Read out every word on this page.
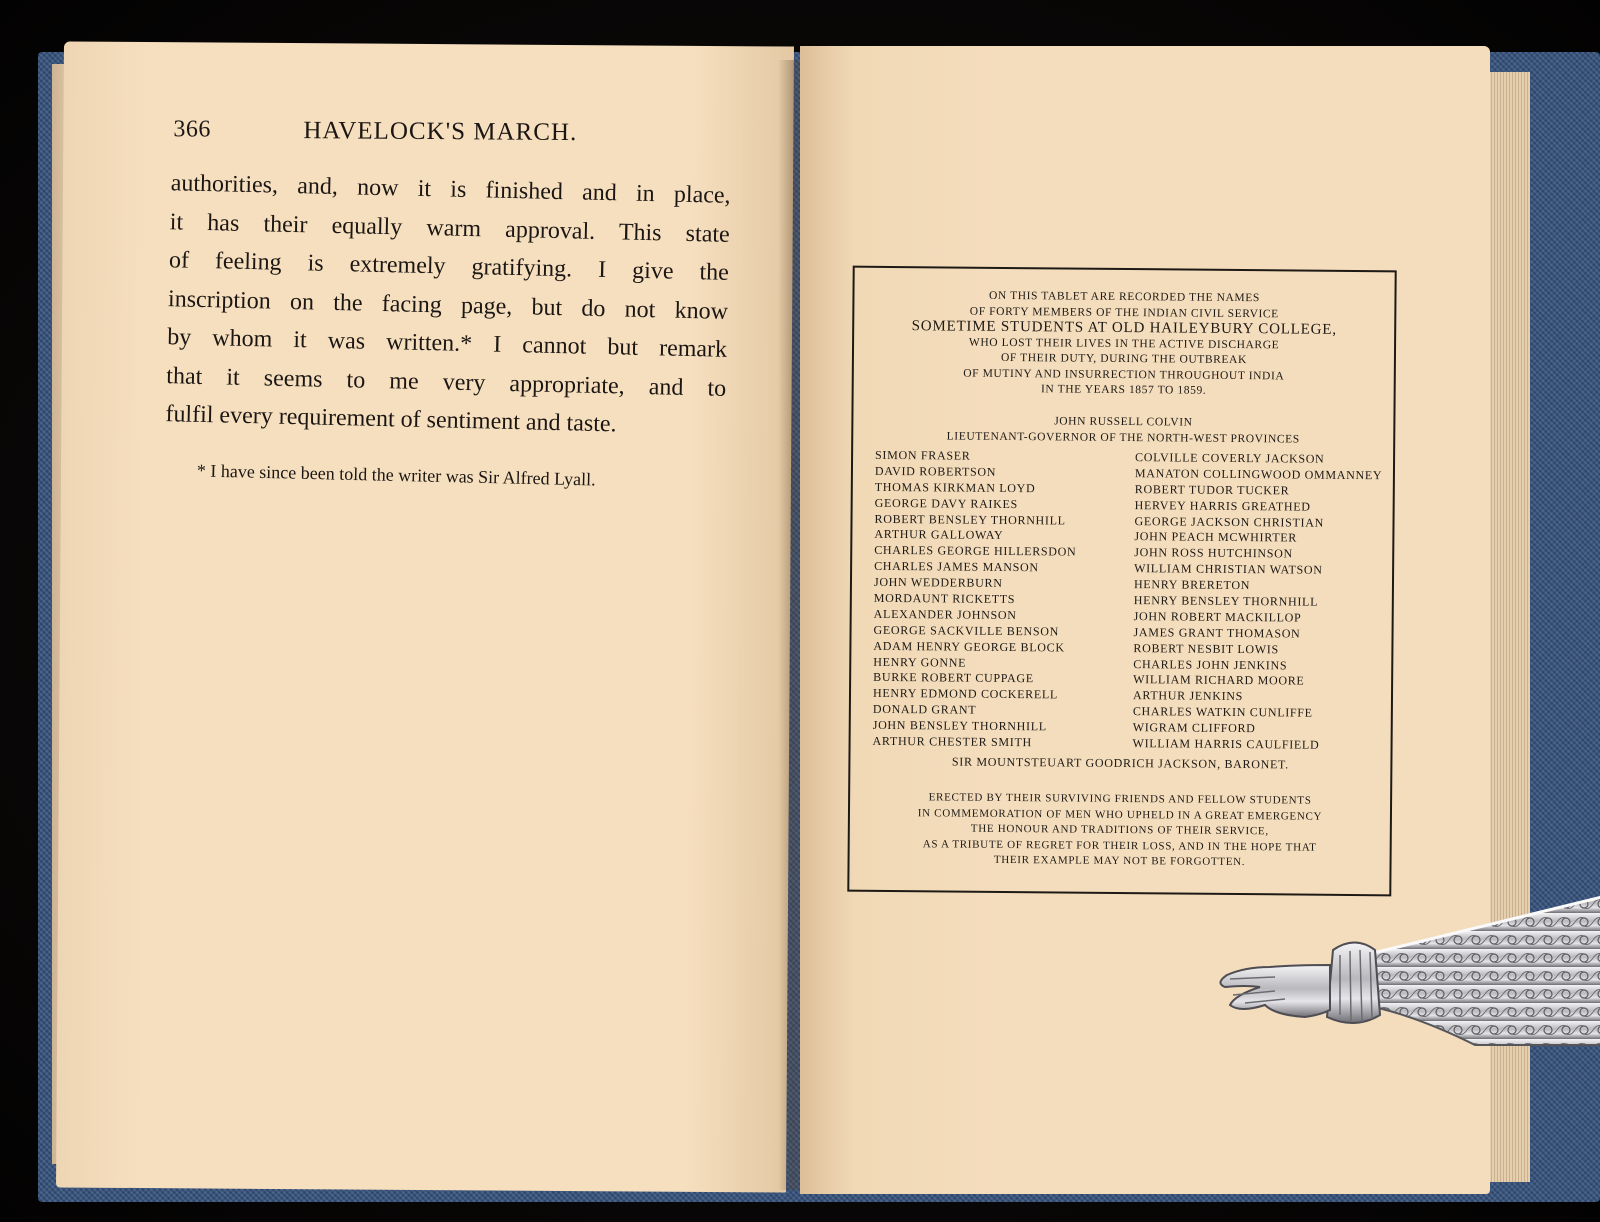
366	HAVELOCK'S MARCH.
authorities, and, now it is finished and in place,
it has their equally warm approval. This state
of feeling is extremely gratifying. I give the
inscription on the facing page, but do not know
by whom it was written.* I cannot but remark
that it seems to me very appropriate, and to
fulfil every requirement of sentiment and taste.
* I have since been told the writer was Sir Alfred Lyall.
ON THIS TABLET ARE RECORDED THE NAMES
OF FORTY MEMBERS OF THE INDIAN CIVIL SERVICE
SOMETIME STUDENTS AT OLD HAILEYBURY COLLEGE,
WHO LOST THEIR LIVES IN THE ACTIVE DISCHARGE
OF THEIR DUTY, DURING THE OUTBREAK
OF MUTINY AND INSURRECTION THROUGHOUT INDIA
IN THE YEARS 1857 TO 1859.
JOHN RUSSELL COLVIN
LIEUTENANT-GOVERNOR OF THE NORTH-WEST PROVINCES
SIMON FRASER
DAVID ROBERTSON
THOMAS KIRKMAN LOYD
GEORGE DAVY RAIKES
ROBERT BENSLEY THORNHILL
ARTHUR GALLOWAY
CHARLES GEORGE HILLERSDON
CHARLES JAMES MANSON
JOHN WEDDERBURN
MORDAUNT RICKETTS
ALEXANDER JOHNSON
GEORGE SACKVILLE BENSON
ADAM HENRY GEORGE BLOCK
HENRY GONNE
BURKE ROBERT CUPPAGE
HENRY EDMOND COCKERELL
DONALD GRANT
JOHN BENSLEY THORNHILL
ARTHUR CHESTER SMITH
COLVILLE COVERLY JACKSON
MANATON COLLINGWOOD OMMANNEY
ROBERT TUDOR TUCKER
HERVEY HARRIS GREATHED
GEORGE JACKSON CHRISTIAN
JOHN PEACH MCWHIRTER
JOHN ROSS HUTCHINSON
WILLIAM CHRISTIAN WATSON
HENRY BRERETON
HENRY BENSLEY THORNHILL
JOHN ROBERT MACKILLOP
JAMES GRANT THOMASON
ROBERT NESBIT LOWIS
CHARLES JOHN JENKINS
WILLIAM RICHARD MOORE
ARTHUR JENKINS
CHARLES WATKIN CUNLIFFE
WIGRAM CLIFFORD
WILLIAM HARRIS CAULFIELD
SIR MOUNTSTEUART GOODRICH JACKSON, BARONET.
ERECTED BY THEIR SURVIVING FRIENDS AND FELLOW STUDENTS
IN COMMEMORATION OF MEN WHO UPHELD IN A GREAT EMERGENCY
THE HONOUR AND TRADITIONS OF THEIR SERVICE,
AS A TRIBUTE OF REGRET FOR THEIR LOSS, AND IN THE HOPE THAT
THEIR EXAMPLE MAY NOT BE FORGOTTEN.
